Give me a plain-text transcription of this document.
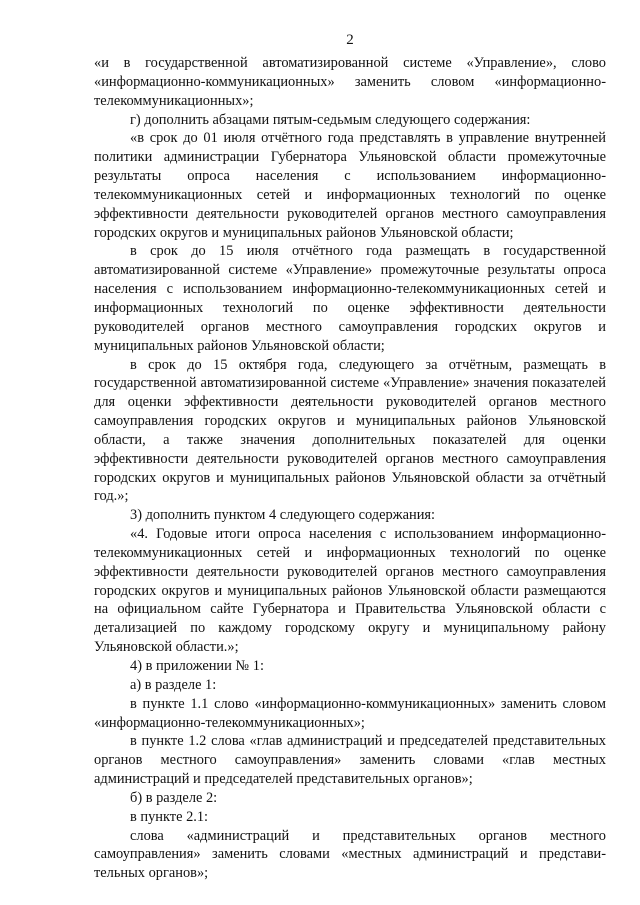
2

«и в государственной автоматизированной системе «Управление», слово «информационно-коммуникационных» заменить словом «информационно-телекоммуникационных»;

г) дополнить абзацами пятым-седьмым следующего содержания:

«в срок до 01 июля отчётного года представлять в управление внутренней политики администрации Губернатора Ульяновской области промежуточные результаты опроса населения с использованием информационно-телекоммуникационных сетей и информационных технологий по оценке эффективности деятельности руководителей органов местного самоуправления городских округов и муниципальных районов Ульяновской области;

в срок до 15 июля отчётного года размещать в государственной автоматизированной системе «Управление» промежуточные результаты опроса населения с использованием информационно-телекоммуникационных сетей и информационных технологий по оценке эффективности деятельности руководителей органов местного самоуправления городских округов и муниципальных районов Ульяновской области;

в срок до 15 октября года, следующего за отчётным, размещать в государственной автоматизированной системе «Управление» значения показателей для оценки эффективности деятельности руководителей органов местного самоуправления городских округов и муниципальных районов Ульяновской области, а также значения дополнительных показателей для оценки эффективности деятельности руководителей органов местного самоуправления городских округов и муниципальных районов Ульяновской области за отчётный год.»;

3) дополнить пунктом 4 следующего содержания:

«4. Годовые итоги опроса населения с использованием информационно-телекоммуникационных сетей и информационных технологий по оценке эффективности деятельности руководителей органов местного самоуправления городских округов и муниципальных районов Ульяновской области размещаются на официальном сайте Губернатора и Правительства Ульяновской области с детализацией по каждому городскому округу и муниципальному району Ульяновской области.»;

4) в приложении № 1:

а) в разделе 1:

в пункте 1.1 слово «информационно-коммуникационных» заменить словом «информационно-телекоммуникационных»;

в пункте 1.2 слова «глав администраций и председателей представительных органов местного самоуправления» заменить словами «глав местных администраций и председателей представительных органов»;

б) в разделе 2:

в пункте 2.1:

слова «администраций и представительных органов местного самоуправления» заменить словами «местных администраций и представи-тельных органов»;
